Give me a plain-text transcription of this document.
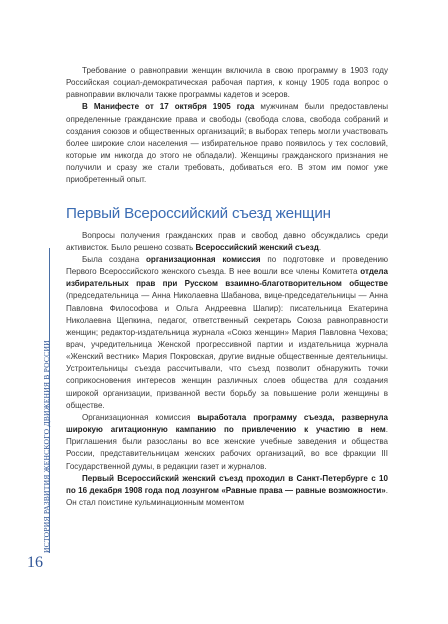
ИСТОРИЯ РАЗВИТИЯ ЖЕНСКОГО ДВИЖЕНИЯ В РОССИИ
16

Требование о равноправии женщин включила в свою программу в 1903 году Российская социал-демократическая рабочая партия, к концу 1905 года вопрос о равноправии включали также программы кадетов и эсеров.

В Манифесте от 17 октября 1905 года мужчинам были предоставлены определенные гражданские права и свободы (свобода слова, свобода собраний и создания союзов и общественных организаций; в выборах теперь могли участвовать более широкие слои населения — избирательное право появилось у тех сословий, которые им никогда до этого не обладали). Женщины гражданского признания не получили и сразу же стали требовать, добиваться его. В этом им помог уже приобретенный опыт.

Первый Всероссийский съезд женщин

Вопросы получения гражданских прав и свобод давно обсуждались среди активисток. Было решено созвать Всероссийский женский съезд.

Была создана организационная комиссия по подготовке и проведению Первого Всероссийского женского съезда. В нее вошли все члены Комитета отдела избирательных прав при Русском взаимно-благотворительном обществе (председательница — Анна Николаевна Шабанова, вице-председательницы — Анна Павловна Философова и Ольга Андреевна Шапир): писательница Екатерина Николаевна Щепкина, педагог, ответственный секретарь Союза равноправности женщин; редактор-издательница журнала «Союз женщин» Мария Павловна Чехова; врач, учредительница Женской прогрессивной партии и издательница журнала «Женский вестник» Мария Покровская, другие видные общественные деятельницы. Устроительницы съезда рассчитывали, что съезд позволит обнаружить точки соприкосновения интересов женщин различных слоев общества для создания широкой организации, призванной вести борьбу за повышение роли женщины в обществе.

Организационная комиссия выработала программу съезда, развернула широкую агитационную кампанию по привлечению к участию в нем. Приглашения были разосланы во все женские учебные заведения и общества России, представительницам женских рабочих организаций, во все фракции III Государственной думы, в редакции газет и журналов.

Первый Всероссийский женский съезд проходил в Санкт-Петербурге с 10 по 16 декабря 1908 года под лозунгом «Равные права — равные возможности». Он стал поистине кульминационным моментом
